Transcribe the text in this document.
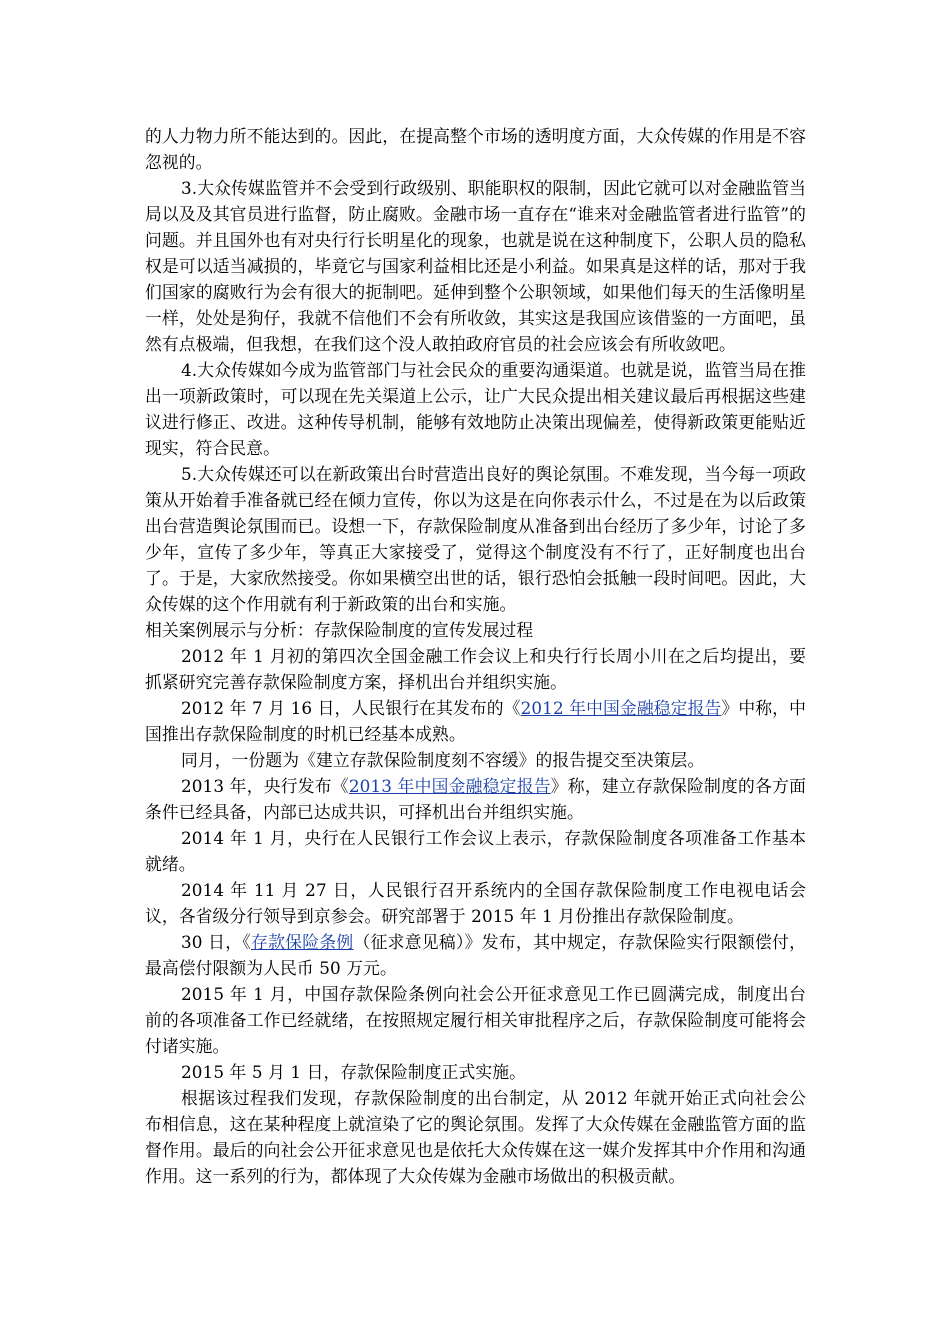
的人力物力所不能达到的。因此，在提高整个市场的透明度方面，大众传媒的作用是不容忽视的。

3.大众传媒监管并不会受到行政级别、职能职权的限制，因此它就可以对金融监管当局以及及其官员进行监督，防止腐败。金融市场一直存在“谁来对金融监管者进行监管”的问题。并且国外也有对央行行长明星化的现象，也就是说在这种制度下，公职人员的隐私权是可以适当减损的，毕竟它与国家利益相比还是小利益。如果真是这样的话，那对于我们国家的腐败行为会有很大的扼制吧。延伸到整个公职领域，如果他们每天的生活像明星一样，处处是狗仔，我就不信他们不会有所收敛，其实这是我国应该借鉴的一方面吧，虽然有点极端，但我想，在我们这个没人敢拍政府官员的社会应该会有所收敛吧。

4.大众传媒如今成为监管部门与社会民众的重要沟通渠道。也就是说，监管当局在推出一项新政策时，可以现在先关渠道上公示，让广大民众提出相关建议最后再根据这些建议进行修正、改进。这种传导机制，能够有效地防止决策出现偏差，使得新政策更能贴近现实，符合民意。

5.大众传媒还可以在新政策出台时营造出良好的舆论氛围。不难发现，当今每一项政策从开始着手准备就已经在倾力宣传，你以为这是在向你表示什么，不过是在为以后政策出台营造舆论氛围而已。设想一下，存款保险制度从准备到出台经历了多少年，讨论了多少年，宣传了多少年，等真正大家接受了，觉得这个制度没有不行了，正好制度也出台了。于是，大家欣然接受。你如果横空出世的话，银行恐怕会抵触一段时间吧。因此，大众传媒的这个作用就有利于新政策的出台和实施。

相关案例展示与分析：存款保险制度的宣传发展过程

2012 年 1 月初的第四次全国金融工作会议上和央行行长周小川在之后均提出，要抓紧研究完善存款保险制度方案，择机出台并组织实施。

2012 年 7 月 16 日，人民银行在其发布的《2012 年中国金融稳定报告》中称，中国推出存款保险制度的时机已经基本成熟。

同月，一份题为《建立存款保险制度刻不容缓》的报告提交至决策层。

2013 年，央行发布《2013 年中国金融稳定报告》称，建立存款保险制度的各方面条件已经具备，内部已达成共识，可择机出台并组织实施。

2014 年 1 月，央行在人民银行工作会议上表示，存款保险制度各项准备工作基本就绪。

2014 年 11 月 27 日，人民银行召开系统内的全国存款保险制度工作电视电话会议，各省级分行领导到京参会。研究部署于 2015 年 1 月份推出存款保险制度。

30 日，《存款保险条例（征求意见稿）》发布，其中规定，存款保险实行限额偿付，最高偿付限额为人民币 50 万元。

2015 年 1 月，中国存款保险条例向社会公开征求意见工作已圆满完成，制度出台前的各项准备工作已经就绪，在按照规定履行相关审批程序之后，存款保险制度可能将会付诸实施。

2015 年 5 月 1 日，存款保险制度正式实施。

根据该过程我们发现，存款保险制度的出台制定，从 2012 年就开始正式向社会公布相信息，这在某种程度上就渲染了它的舆论氛围。发挥了大众传媒在金融监管方面的监督作用。最后的向社会公开征求意见也是依托大众传媒在这一媒介发挥其中介作用和沟通作用。这一系列的行为，都体现了大众传媒为金融市场做出的积极贡献。
